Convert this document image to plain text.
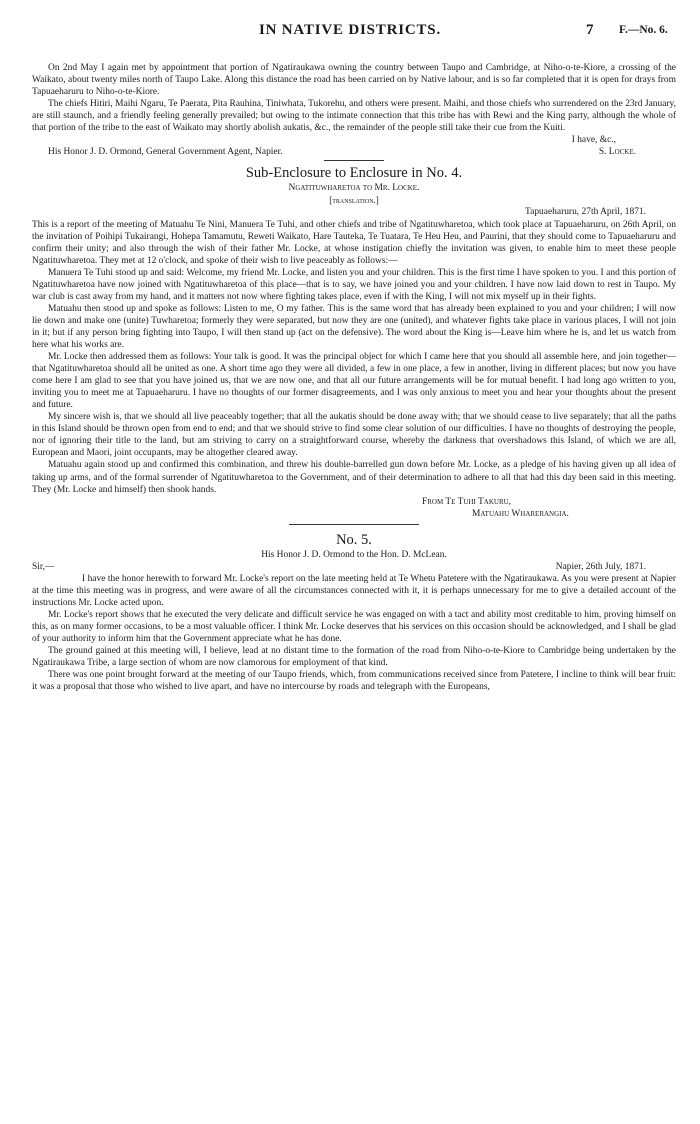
IN NATIVE DISTRICTS.	7 F.—No. 6.

On 2nd May I again met by appointment that portion of Ngatiraukawa owning the country between Taupo and Cambridge, at Niho-o-te-Kiore, a crossing of the Waikato, about twenty miles north of Taupo Lake. Along this distance the road has been carried on by Native labour, and is so far completed that it is open for drays from Tapuaeharuru to Niho-o-te-Kiore.

The chiefs Hitiri, Maihi Ngaru, Te Paerata, Pita Rauhina, Tiniwhata, Tukorehu, and others were present. Maihi, and those chiefs who surrendered on the 23rd January, are still staunch, and a friendly feeling generally prevailed; but owing to the intimate connection that this tribe has with Rewi and the King party, although the whole of that portion of the tribe to the east of Waikato may shortly abolish aukatis, &c., the remainder of the people still take their cue from the Kuiti.

I have, &c.,

His Honor J. D. Ormond, General Government Agent, Napier.	S. Locke.
Sub-Enclosure to Enclosure in No. 4.

Ngatituwharetoa to Mr. Locke.

[translation.]

Tapuaeharuru, 27th April, 1871.

This is a report of the meeting of Matuahu Te Nini, Manuera Te Tuhi, and other chiefs and tribe of Ngatituwharetoa, which took place at Tapuaeharuru, on 26th April, on the invitation of Poihipi Tukairangi, Hohepa Tamamutu, Reweti Waikato, Hare Tauteka, Te Tuatara, Te Heu Heu, and Paurini, that they should come to Tapuaeharuru and confirm their unity; and also through the wish of their father Mr. Locke, at whose instigation chiefly the invitation was given, to enable him to meet these people Ngatituwharetoa. They met at 12 o'clock, and spoke of their wish to live peaceably as follows:—

Manuera Te Tuhi stood up and said: Welcome, my friend Mr. Locke, and listen you and your children. This is the first time I have spoken to you. I and this portion of Ngatituwharetoa have now joined with Ngatituwharetoa of this place—that is to say, we have joined you and your children. I have now laid down to rest in Taupo. My war club is cast away from my hand, and it matters not now where fighting takes place, even if with the King, I will not mix myself up in their fights.

Matuahu then stood up and spoke as follows: Listen to me, O my father. This is the same word that has already been explained to you and your children; I will now lie down and make one (unite) Tuwharetoa; formerly they were separated, but now they are one (united), and whatever fights take place in various places, I will not join in it; but if any person bring fighting into Taupo, I will then stand up (act on the defensive). The word about the King is—Leave him where he is, and let us watch from here what his works are.

Mr. Locke then addressed them as follows: Your talk is good. It was the principal object for which I came here that you should all assemble here, and join together—that Ngatituwharetoa should all be united as one. A short time ago they were all divided, a few in one place, a few in another, living in different places; but now you have come here I am glad to see that you have joined us, that we are now one, and that all our future arrangements will be for mutual benefit. I had long ago written to you, inviting you to meet me at Tapuaeharuru. I have no thoughts of our former disagreements, and I was only anxious to meet you and hear your thoughts about the present and future.

My sincere wish is, that we should all live peaceably together; that all the aukatis should be done away with; that we should cease to live separately; that all the paths in this Island should be thrown open from end to end; and that we should strive to find some clear solution of our difficulties. I have no thoughts of destroying the people, nor of ignoring their title to the land, but am striving to carry on a straightforward course, whereby the darkness that overshadows this Island, of which we are all, European and Maori, joint occupants, may be altogether cleared away.

Matuahu again stood up and confirmed this combination, and threw his double-barrelled gun down before Mr. Locke, as a pledge of his having given up all idea of taking up arms, and of the formal surrender of Ngatituwharetoa to the Government, and of their determination to adhere to all that had this day been said in this meeting. They (Mr. Locke and himself) then shook hands.

From Te Tuhi Takuru,

Matuahu Wharerangia.

No. 5.

His Honor J. D. Ormond to the Hon. D. McLean.

Sir,—	Napier, 26th July, 1871.

I have the honor herewith to forward Mr. Locke's report on the late meeting held at Te Whetu Patetere with the Ngatiraukawa. As you were present at Napier at the time this meeting was in progress, and were aware of all the circumstances connected with it, it is perhaps unnecessary for me to give a detailed account of the instructions Mr. Locke acted upon.

Mr. Locke's report shows that he executed the very delicate and difficult service he was engaged on with a tact and ability most creditable to him, proving himself on this, as on many former occasions, to be a most valuable officer. I think Mr. Locke deserves that his services on this occasion should be acknowledged, and I shall be glad of your authority to inform him that the Government appreciate what he has done.

The ground gained at this meeting will, I believe, lead at no distant time to the formation of the road from Niho-o-te-Kiore to Cambridge being undertaken by the Ngatiraukawa Tribe, a large section of whom are now clamorous for employment of that kind.

There was one point brought forward at the meeting of our Taupo friends, which, from communications received since from Patetere, I incline to think will bear fruit: it was a proposal that those who wished to live apart, and have no intercourse by roads and telegraph with the Europeans,
